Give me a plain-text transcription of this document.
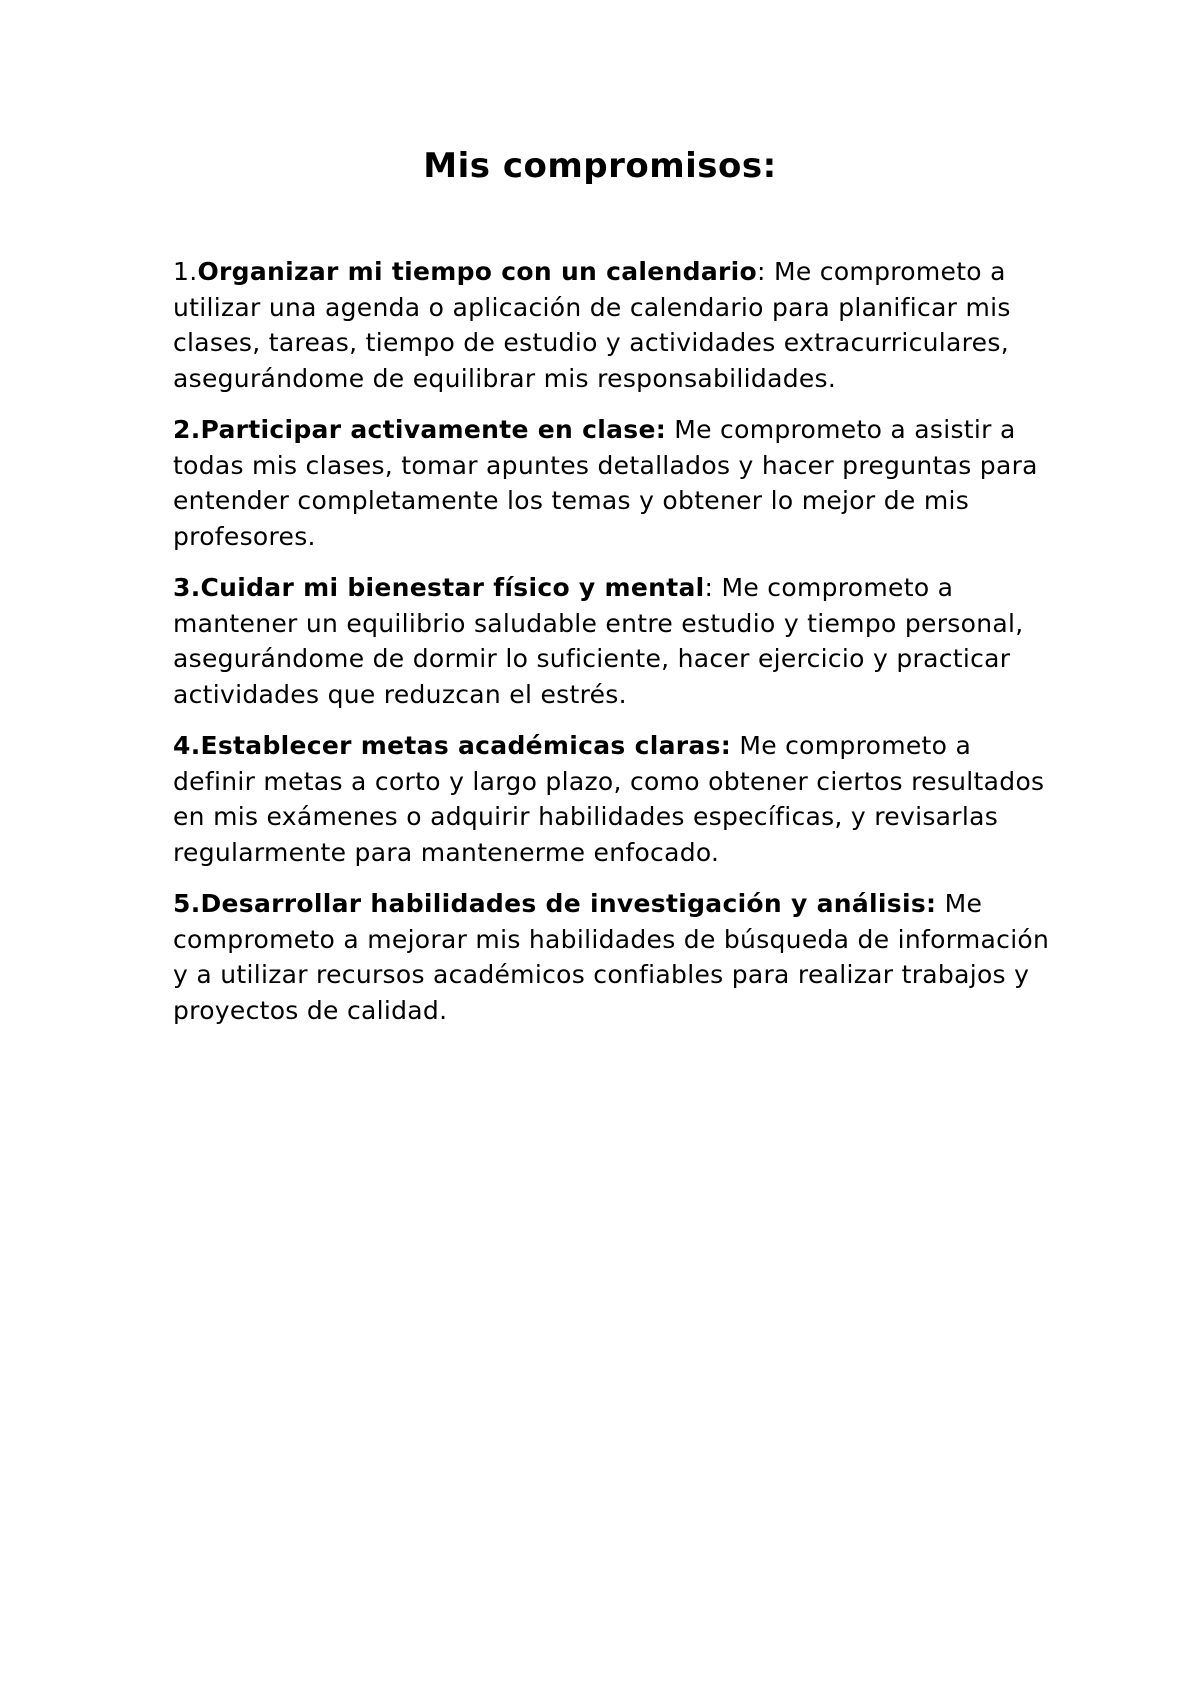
Mis compromisos:

1.Organizar mi tiempo con un calendario: Me comprometo a utilizar una agenda o aplicación de calendario para planificar mis clases, tareas, tiempo de estudio y actividades extracurriculares, asegurándome de equilibrar mis responsabilidades.

2.Participar activamente en clase: Me comprometo a asistir a todas mis clases, tomar apuntes detallados y hacer preguntas para entender completamente los temas y obtener lo mejor de mis profesores.

3.Cuidar mi bienestar físico y mental: Me comprometo a mantener un equilibrio saludable entre estudio y tiempo personal, asegurándome de dormir lo suficiente, hacer ejercicio y practicar actividades que reduzcan el estrés.

4.Establecer metas académicas claras: Me comprometo a definir metas a corto y largo plazo, como obtener ciertos resultados en mis exámenes o adquirir habilidades específicas, y revisarlas regularmente para mantenerme enfocado.

5.Desarrollar habilidades de investigación y análisis: Me comprometo a mejorar mis habilidades de búsqueda de información y a utilizar recursos académicos confiables para realizar trabajos y proyectos de calidad.
